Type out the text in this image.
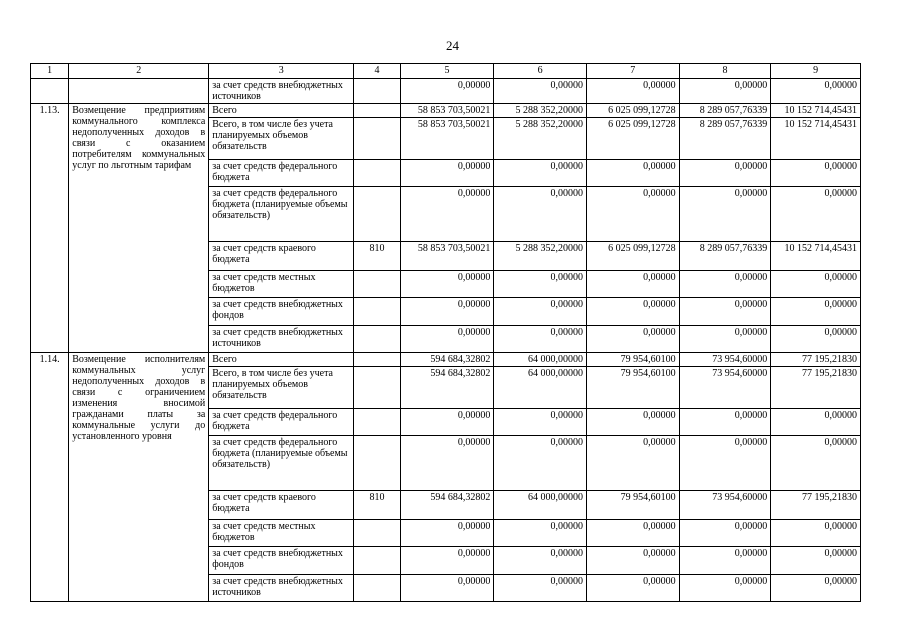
24
1	2	3	4	5	6	7	8	9
		за счет средств внебюджетных источников		0,00000	0,00000	0,00000	0,00000	0,00000
1.13.	Возмещение предприятиям коммунального комплекса недополученных доходов в связи с оказанием потребителям коммунальных услуг по льготным тарифам	Всего		58 853 703,50021	5 288 352,20000	6 025 099,12728	8 289 057,76339	10 152 714,45431
		Всего, в том числе без учета планируемых объемов обязательств		58 853 703,50021	5 288 352,20000	6 025 099,12728	8 289 057,76339	10 152 714,45431
		за счет средств федерального бюджета		0,00000	0,00000	0,00000	0,00000	0,00000
		за счет средств федерального бюджета (планируемые объемы обязательств)		0,00000	0,00000	0,00000	0,00000	0,00000
		за счет средств краевого бюджета	810	58 853 703,50021	5 288 352,20000	6 025 099,12728	8 289 057,76339	10 152 714,45431
		за счет средств местных бюджетов		0,00000	0,00000	0,00000	0,00000	0,00000
		за счет средств внебюджетных фондов		0,00000	0,00000	0,00000	0,00000	0,00000
		за счет средств внебюджетных источников		0,00000	0,00000	0,00000	0,00000	0,00000
1.14.	Возмещение исполнителям коммунальных услуг недополученных доходов в связи с ограничением изменения вносимой гражданами платы за коммунальные услуги до установленного уровня	Всего		594 684,32802	64 000,00000	79 954,60100	73 954,60000	77 195,21830
		Всего, в том числе без учета планируемых объемов обязательств		594 684,32802	64 000,00000	79 954,60100	73 954,60000	77 195,21830
		за счет средств федерального бюджета		0,00000	0,00000	0,00000	0,00000	0,00000
		за счет средств федерального бюджета (планируемые объемы обязательств)		0,00000	0,00000	0,00000	0,00000	0,00000
		за счет средств краевого бюджета	810	594 684,32802	64 000,00000	79 954,60100	73 954,60000	77 195,21830
		за счет средств местных бюджетов		0,00000	0,00000	0,00000	0,00000	0,00000
		за счет средств внебюджетных фондов		0,00000	0,00000	0,00000	0,00000	0,00000
		за счет средств внебюджетных источников		0,00000	0,00000	0,00000	0,00000	0,00000
